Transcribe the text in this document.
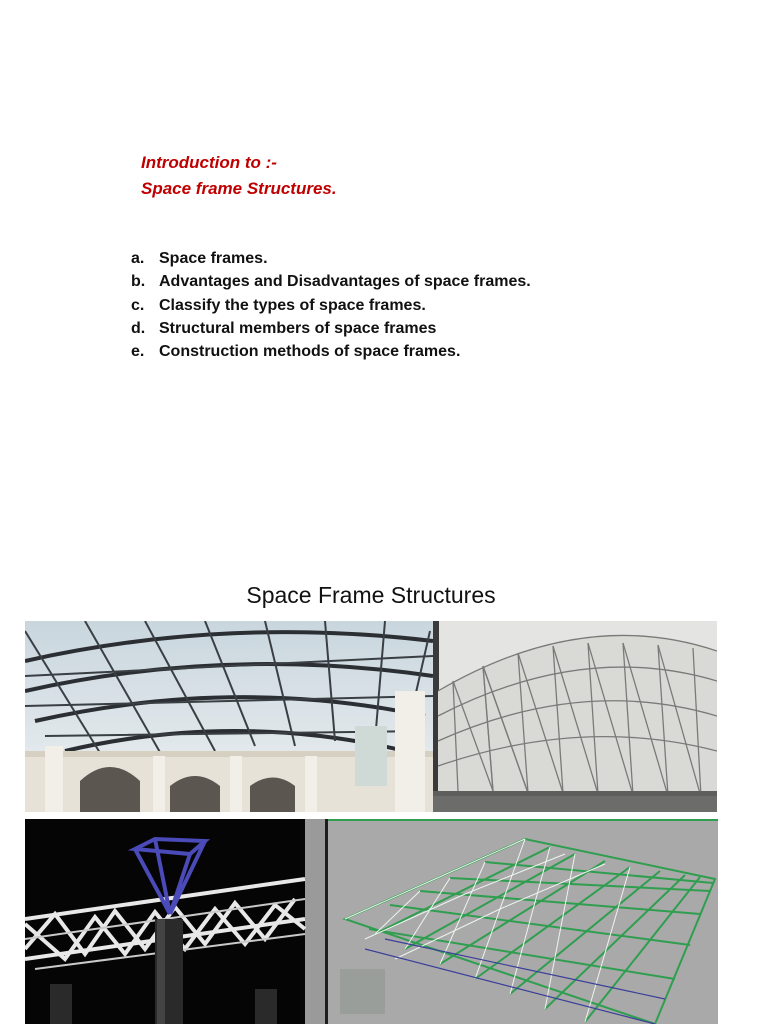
Introduction to :-
Space frame Structures.
a. Space frames.
b. Advantages and Disadvantages of space frames.
c. Classify the types of space frames.
d. Structural members of space frames
e. Construction methods of space frames.
Space Frame Structures
